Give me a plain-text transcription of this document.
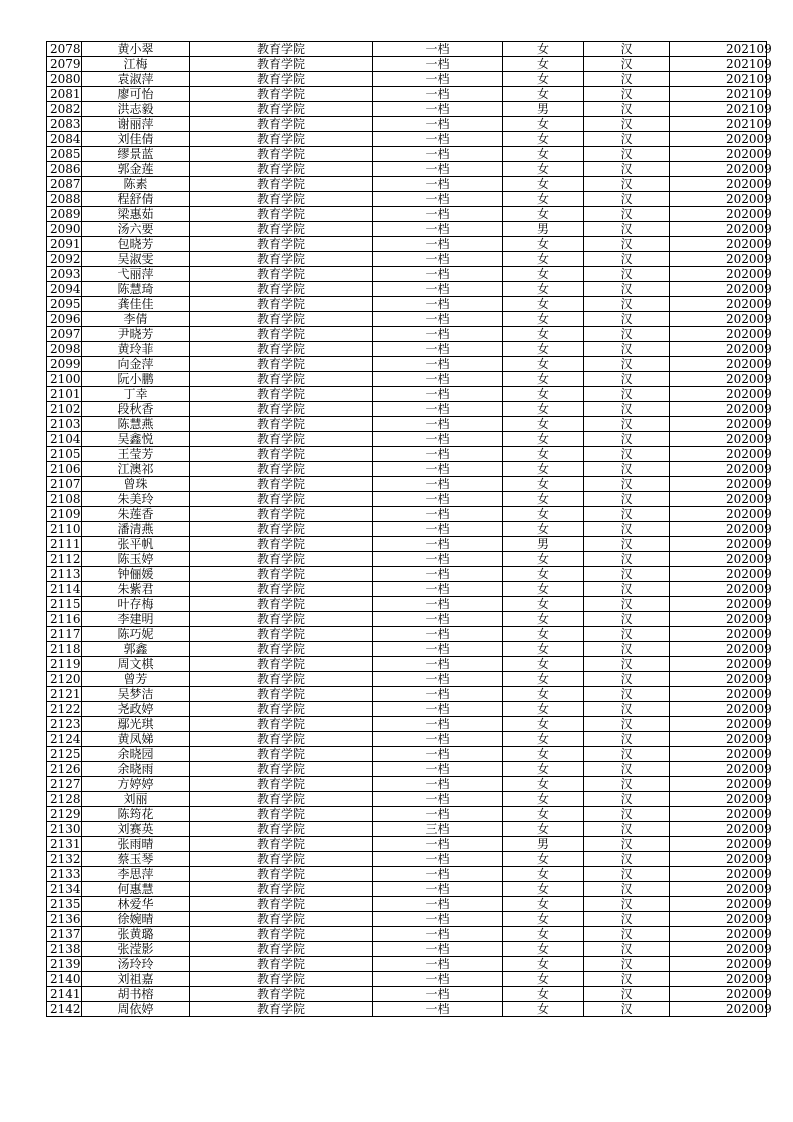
2078	黄小翠	教育学院	一档	女	汉	202109
2079	江梅	教育学院	一档	女	汉	202109
2080	袁淑萍	教育学院	一档	女	汉	202109
2081	廖可怡	教育学院	一档	女	汉	202109
2082	洪志毅	教育学院	一档	男	汉	202109
2083	谢丽萍	教育学院	一档	女	汉	202109
2084	刘佳倩	教育学院	一档	女	汉	202009
2085	缪景蓝	教育学院	一档	女	汉	202009
2086	郭金莲	教育学院	一档	女	汉	202009
2087	陈素	教育学院	一档	女	汉	202009
2088	程舒倩	教育学院	一档	女	汉	202009
2089	梁惠茹	教育学院	一档	女	汉	202009
2090	汤六要	教育学院	一档	男	汉	202009
2091	包晓芳	教育学院	一档	女	汉	202009
2092	吴淑雯	教育学院	一档	女	汉	202009
2093	弋丽萍	教育学院	一档	女	汉	202009
2094	陈慧琦	教育学院	一档	女	汉	202009
2095	龚佳佳	教育学院	一档	女	汉	202009
2096	李倩	教育学院	一档	女	汉	202009
2097	尹晓芳	教育学院	一档	女	汉	202009
2098	黄玲菲	教育学院	一档	女	汉	202009
2099	向金萍	教育学院	一档	女	汉	202009
2100	阮小鹏	教育学院	一档	女	汉	202009
2101	丁幸	教育学院	一档	女	汉	202009
2102	段秋香	教育学院	一档	女	汉	202009
2103	陈慧燕	教育学院	一档	女	汉	202009
2104	吴鑫悦	教育学院	一档	女	汉	202009
2105	王莹芳	教育学院	一档	女	汉	202009
2106	江澳祁	教育学院	一档	女	汉	202009
2107	曾珠	教育学院	一档	女	汉	202009
2108	朱美玲	教育学院	一档	女	汉	202009
2109	朱莲香	教育学院	一档	女	汉	202009
2110	潘清燕	教育学院	一档	女	汉	202009
2111	张平帆	教育学院	一档	男	汉	202009
2112	陈玉婷	教育学院	一档	女	汉	202009
2113	钟俪媛	教育学院	一档	女	汉	202009
2114	朱紫君	教育学院	一档	女	汉	202009
2115	叶存梅	教育学院	一档	女	汉	202009
2116	李建明	教育学院	一档	女	汉	202009
2117	陈巧妮	教育学院	一档	女	汉	202009
2118	郭鑫	教育学院	一档	女	汉	202009
2119	周文棋	教育学院	一档	女	汉	202009
2120	曾芳	教育学院	一档	女	汉	202009
2121	吴梦洁	教育学院	一档	女	汉	202009
2122	尧政婷	教育学院	一档	女	汉	202009
2123	鄢光琪	教育学院	一档	女	汉	202009
2124	黄凤娣	教育学院	一档	女	汉	202009
2125	余晓园	教育学院	一档	女	汉	202009
2126	余晓雨	教育学院	一档	女	汉	202009
2127	方婷婷	教育学院	一档	女	汉	202009
2128	刘丽	教育学院	一档	女	汉	202009
2129	陈筠花	教育学院	一档	女	汉	202009
2130	刘赛英	教育学院	三档	女	汉	202009
2131	张雨晴	教育学院	一档	男	汉	202009
2132	蔡玉琴	教育学院	一档	女	汉	202009
2133	李思萍	教育学院	一档	女	汉	202009
2134	何惠慧	教育学院	一档	女	汉	202009
2135	林爱华	教育学院	一档	女	汉	202009
2136	徐婉晴	教育学院	一档	女	汉	202009
2137	张黄璐	教育学院	一档	女	汉	202009
2138	张滢影	教育学院	一档	女	汉	202009
2139	汤玲玲	教育学院	一档	女	汉	202009
2140	刘祖嘉	教育学院	一档	女	汉	202009
2141	胡书榕	教育学院	一档	女	汉	202009
2142	周依婷	教育学院	一档	女	汉	202009
